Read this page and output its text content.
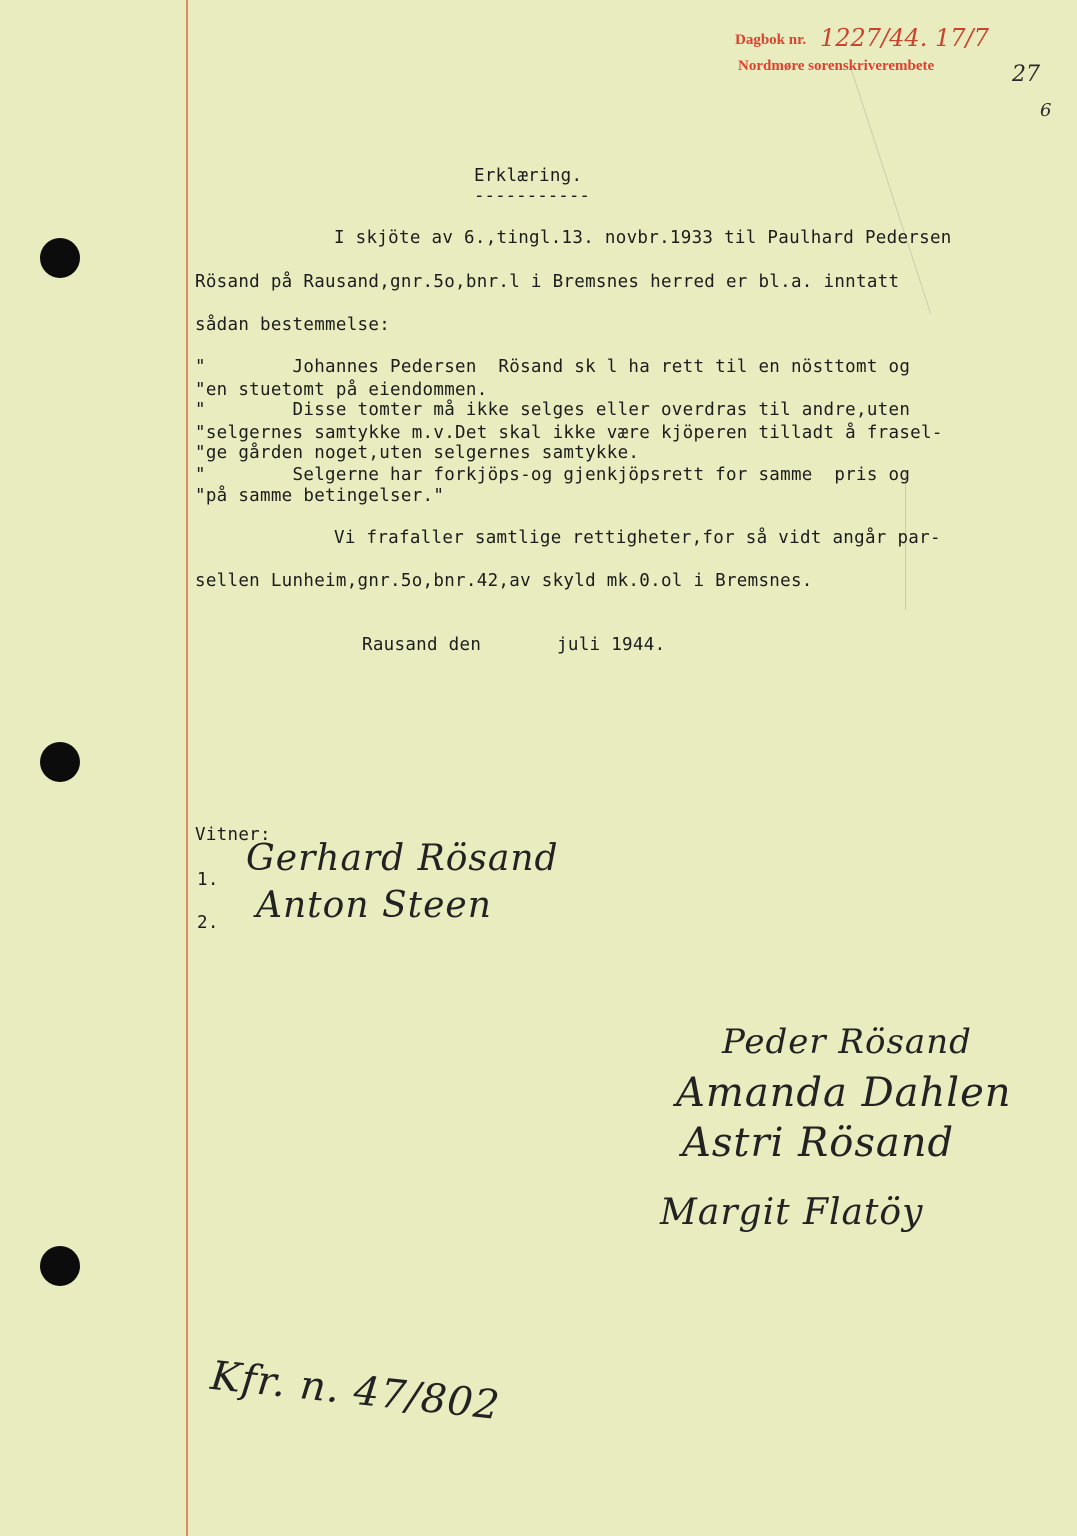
Dagbok nr. 1227/44. 17/7
Nordmøre sorenskriverembete	27
6
Erklæring.
-----------
I skjöte av 6.,tingl.13. novbr.1933 til Paulhard Pedersen
Rösand på Rausand,gnr.5o,bnr.l i Bremsnes herred er bl.a. inntatt
sådan bestemmelse:
"        Johannes Pedersen  Rösand sk l ha rett til en nösttomt og
"en stuetomt på eiendommen.
"        Disse tomter må ikke selges eller overdras til andre,uten
"selgernes samtykke m.v.Det skal ikke være kjöperen tilladt å frasel-
"ge gården noget,uten selgernes samtykke.
"        Selgerne har forkjöps-og gjenkjöpsrett for samme  pris og
"på samme betingelser."
Vi frafaller samtlige rettigheter,for så vidt angår par-
sellen Lunheim,gnr.5o,bnr.42,av skyld mk.0.ol i Bremsnes.
Rausand den       juli 1944.
Vitner:
1.
Gerhard Rösand
2. Anton Steen
Peder Rösand
Amanda Dahlen
Astri Rösand
Margit Flatöy
Kfr. n. 47/802
